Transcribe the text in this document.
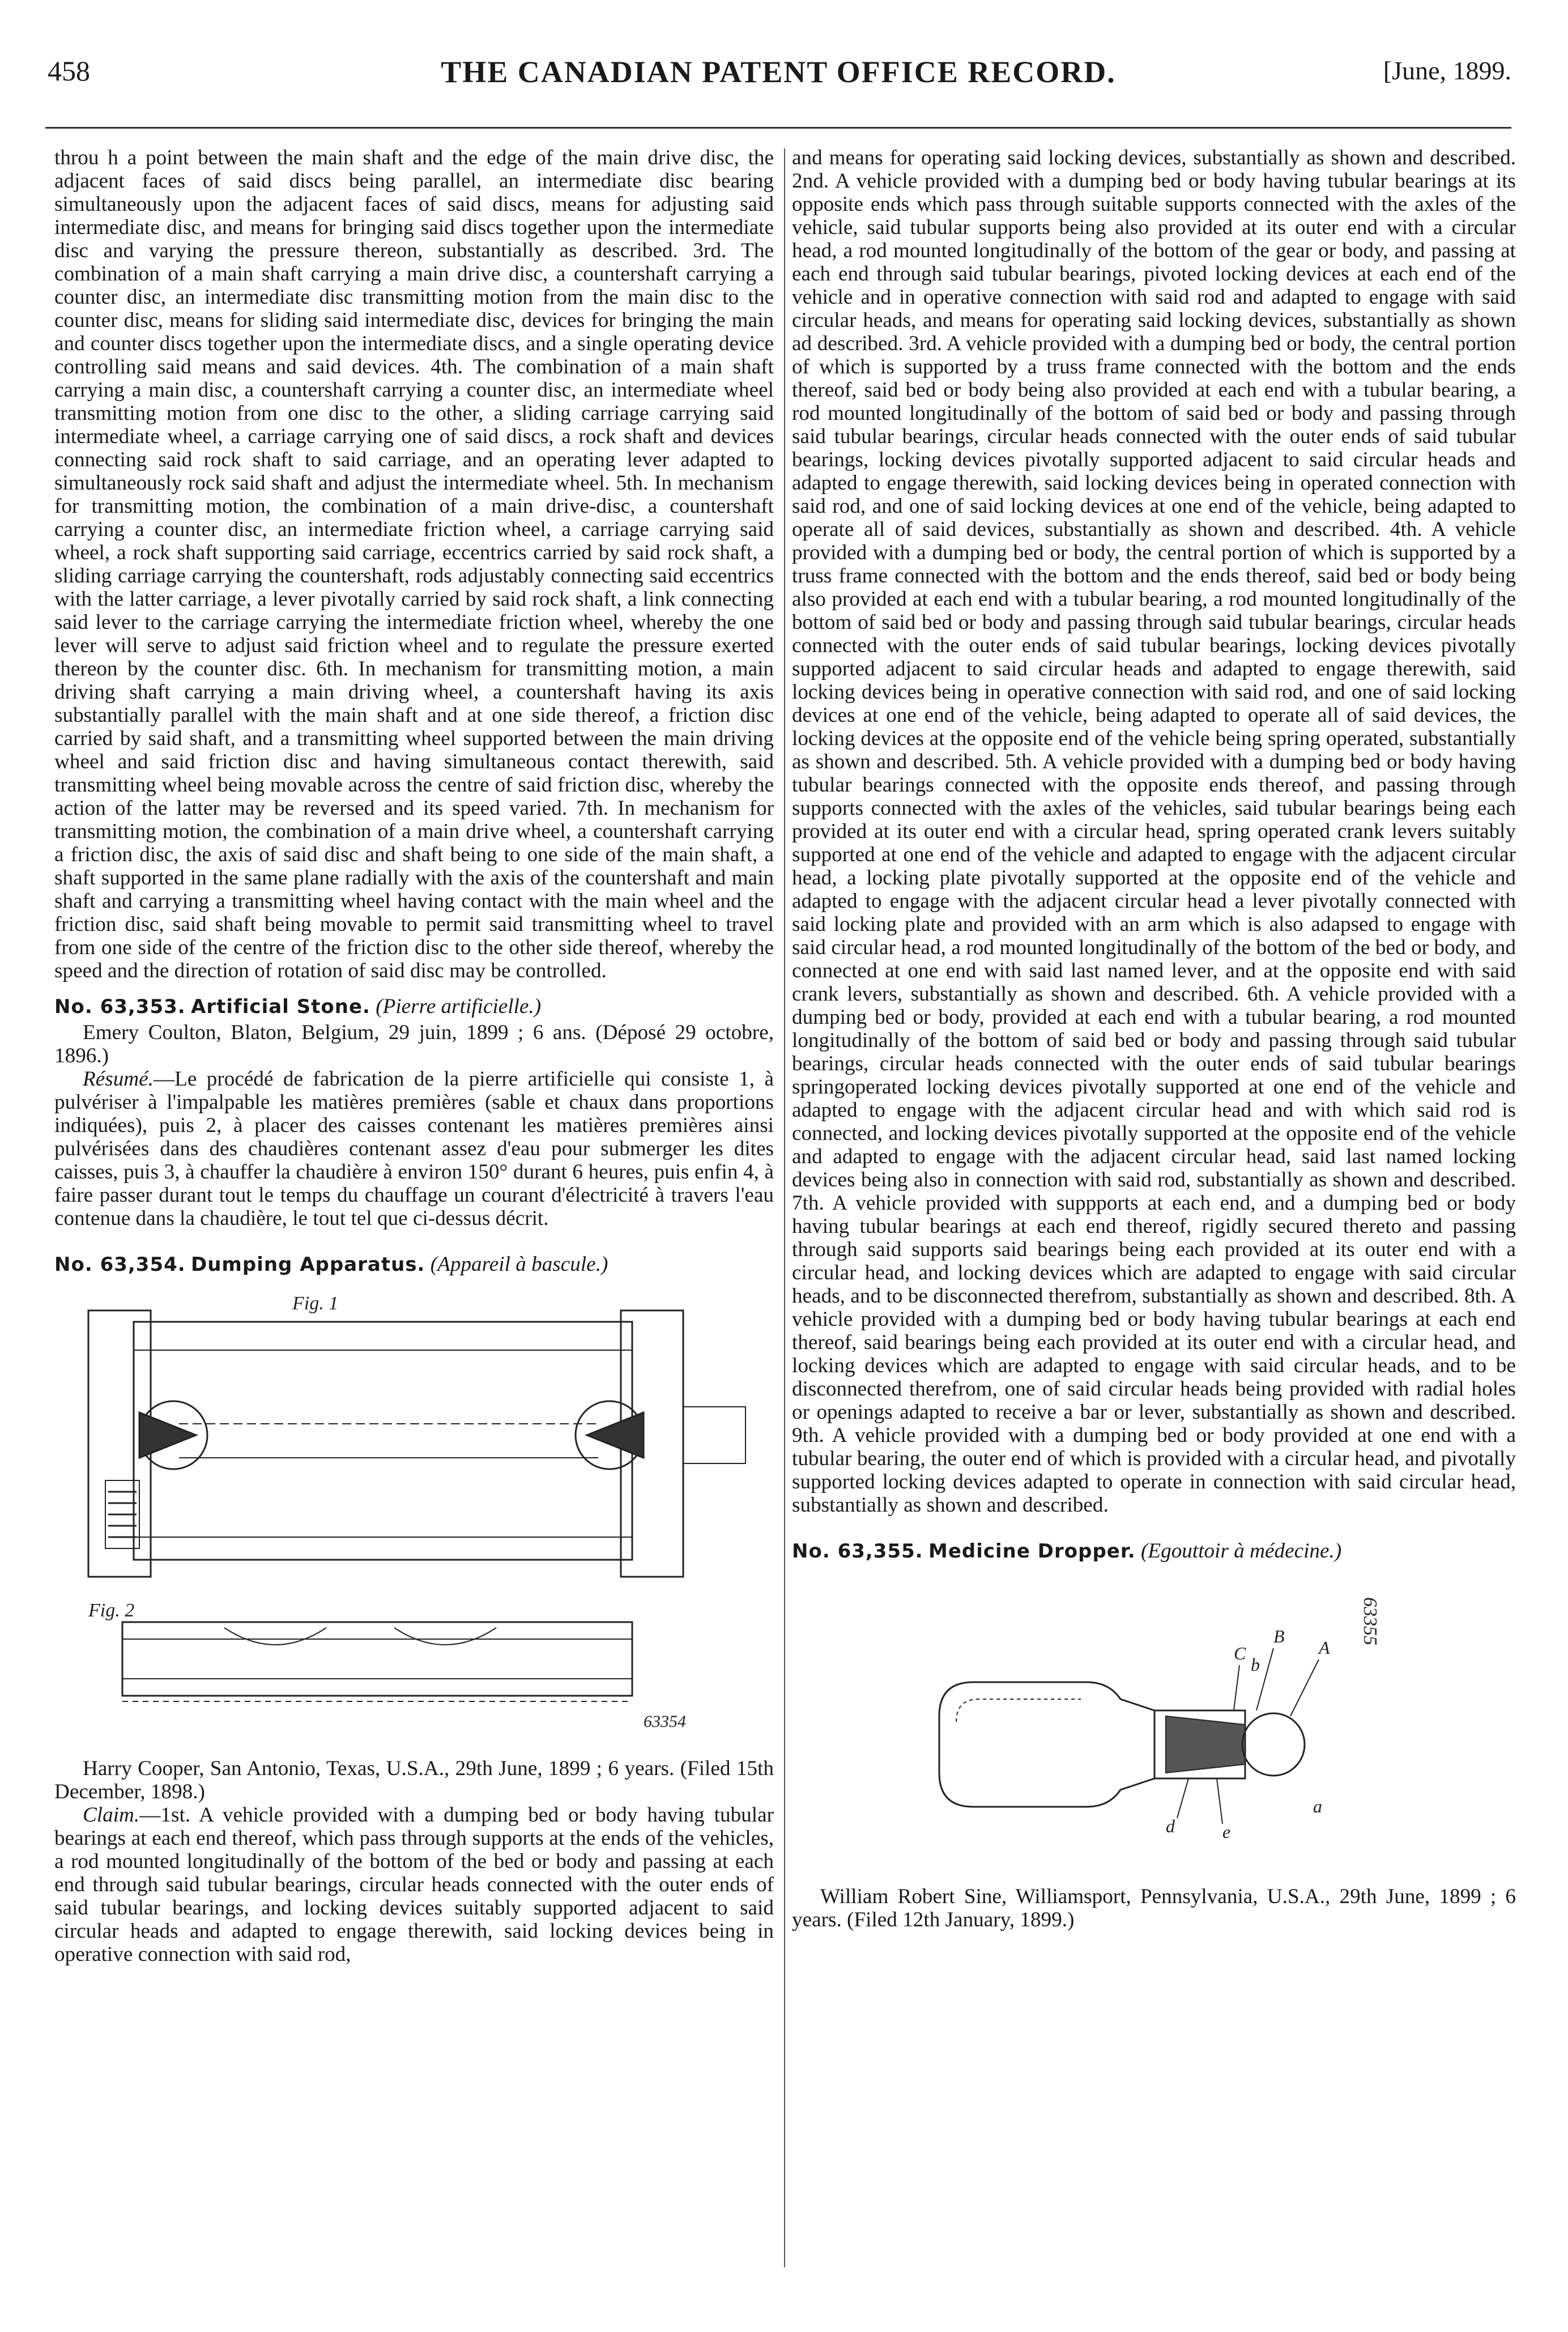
458	THE CANADIAN PATENT OFFICE RECORD.	[June, 1899.

throu h a point between the main shaft and the edge of the main drive disc, the adjacent faces of said discs being parallel, an intermediate disc bearing simultaneously upon the adjacent faces of said discs, means for adjusting said intermediate disc, and means for bringing said discs together upon the intermediate disc and varying the pressure thereon, substantially as described. 3rd. The combination of a main shaft carrying a main drive disc, a countershaft carrying a counter disc, an intermediate disc transmitting motion from the main disc to the counter disc, means for sliding said intermediate disc, devices for bringing the main and counter discs together upon the intermediate discs, and a single operating device controlling said means and said devices. 4th. The combination of a main shaft carrying a main disc, a countershaft carrying a counter disc, an intermediate wheel transmitting motion from one disc to the other, a sliding carriage carrying said intermediate wheel, a carriage carrying one of said discs, a rock shaft and devices connecting said rock shaft to said carriage, and an operating lever adapted to simultaneously rock said shaft and adjust the intermediate wheel. 5th. In mechanism for transmitting motion, the combination of a main drive-disc, a countershaft carrying a counter disc, an intermediate friction wheel, a carriage carrying said wheel, a rock shaft supporting said carriage, eccentrics carried by said rock shaft, a sliding carriage carrying the countershaft, rods adjustably connecting said eccentrics with the latter carriage, a lever pivotally carried by said rock shaft, a link connecting said lever to the carriage carrying the intermediate friction wheel, whereby the one lever will serve to adjust said friction wheel and to regulate the pressure exerted thereon by the counter disc. 6th. In mechanism for transmitting motion, a main driving shaft carrying a main driving wheel, a countershaft having its axis substantially parallel with the main shaft and at one side thereof, a friction disc carried by said shaft, and a transmitting wheel supported between the main driving wheel and said friction disc and having simultaneous contact therewith, said transmitting wheel being movable across the centre of said friction disc, whereby the action of the latter may be reversed and its speed varied. 7th. In mechanism for transmitting motion, the combination of a main drive wheel, a countershaft carrying a friction disc, the axis of said disc and shaft being to one side of the main shaft, a shaft supported in the same plane radially with the axis of the countershaft and main shaft and carrying a transmitting wheel having contact with the main wheel and the friction disc, said shaft being movable to permit said transmitting wheel to travel from one side of the centre of the friction disc to the other side thereof, whereby the speed and the direction of rotation of said disc may be controlled.

No. 63,353. Artificial Stone. (Pierre artificielle.)

Emery Coulton, Blaton, Belgium, 29 juin, 1899 ; 6 ans. (Déposé 29 octobre, 1896.)

Résumé.—Le procédé de fabrication de la pierre artificielle qui consiste 1, à pulvériser à l'impalpable les matières premières (sable et chaux dans proportions indiquées), puis 2, à placer des caisses contenant les matières premières ainsi pulvérisées dans des chaudières contenant assez d'eau pour submerger les dites caisses, puis 3, à chauffer la chaudière à environ 150° durant 6 heures, puis enfin 4, à faire passer durant tout le temps du chauffage un courant d'électricité à travers l'eau contenue dans la chaudière, le tout tel que ci-dessus décrit.

No. 63,354. Dumping Apparatus. (Appareil à bascule.)

Fig. 1
Fig. 2
63354

Harry Cooper, San Antonio, Texas, U.S.A., 29th June, 1899 ; 6 years. (Filed 15th December, 1898.)

Claim.—1st. A vehicle provided with a dumping bed or body having tubular bearings at each end thereof, which pass through supports at the ends of the vehicles, a rod mounted longitudinally of the bottom of the bed or body and passing at each end through said tubular bearings, circular heads connected with the outer ends of said tubular bearings, and locking devices suitably supported adjacent to said circular heads and adapted to engage therewith, said locking devices being in operative connection with said rod,

and means for operating said locking devices, substantially as shown and described. 2nd. A vehicle provided with a dumping bed or body having tubular bearings at its opposite ends which pass through suitable supports connected with the axles of the vehicle, said tubular supports being also provided at its outer end with a circular head, a rod mounted longitudinally of the bottom of the gear or body, and passing at each end through said tubular bearings, pivoted locking devices at each end of the vehicle and in operative connection with said rod and adapted to engage with said circular heads, and means for operating said locking devices, substantially as shown ad described. 3rd. A vehicle provided with a dumping bed or body, the central portion of which is supported by a truss frame connected with the bottom and the ends thereof, said bed or body being also provided at each end with a tubular bearing, a rod mounted longitudinally of the bottom of said bed or body and passing through said tubular bearings, circular heads connected with the outer ends of said tubular bearings, locking devices pivotally supported adjacent to said circular heads and adapted to engage therewith, said locking devices being in operated connection with said rod, and one of said locking devices at one end of the vehicle, being adapted to operate all of said devices, substantially as shown and described. 4th. A vehicle provided with a dumping bed or body, the central portion of which is supported by a truss frame connected with the bottom and the ends thereof, said bed or body being also provided at each end with a tubular bearing, a rod mounted longitudinally of the bottom of said bed or body and passing through said tubular bearings, circular heads connected with the outer ends of said tubular bearings, locking devices pivotally supported adjacent to said circular heads and adapted to engage therewith, said locking devices being in operative connection with said rod, and one of said locking devices at one end of the vehicle, being adapted to operate all of said devices, the locking devices at the opposite end of the vehicle being spring operated, substantially as shown and described. 5th. A vehicle provided with a dumping bed or body having tubular bearings connected with the opposite ends thereof, and passing through supports connected with the axles of the vehicles, said tubular bearings being each provided at its outer end with a circular head, spring operated crank levers suitably supported at one end of the vehicle and adapted to engage with the adjacent circular head, a locking plate pivotally supported at the opposite end of the vehicle and adapted to engage with the adjacent circular head a lever pivotally connected with said locking plate and provided with an arm which is also adapsed to engage with said circular head, a rod mounted longitudinally of the bottom of the bed or body, and connected at one end with said last named lever, and at the opposite end with said crank levers, substantially as shown and described. 6th. A vehicle provided with a dumping bed or body, provided at each end with a tubular bearing, a rod mounted longitudinally of the bottom of said bed or body and passing through said tubular bearings, circular heads connected with the outer ends of said tubular bearings springoperated locking devices pivotally supported at one end of the vehicle and adapted to engage with the adjacent circular head and with which said rod is connected, and locking devices pivotally supported at the opposite end of the vehicle and adapted to engage with the adjacent circular head, said last named locking devices being also in connection with said rod, substantially as shown and described. 7th. A vehicle provided with suppports at each end, and a dumping bed or body having tubular bearings at each end thereof, rigidly secured thereto and passing through said supports said bearings being each provided at its outer end with a circular head, and locking devices which are adapted to engage with said circular heads, and to be disconnected therefrom, substantially as shown and described. 8th. A vehicle provided with a dumping bed or body having tubular bearings at each end thereof, said bearings being each provided at its outer end with a circular head, and locking devices which are adapted to engage with said circular heads, and to be disconnected therefrom, one of said circular heads being provided with radial holes or openings adapted to receive a bar or lever, substantially as shown and described. 9th. A vehicle provided with a dumping bed or body provided at one end with a tubular bearing, the outer end of which is provided with a circular head, and pivotally supported locking devices adapted to operate in connection with said circular head, substantially as shown and described.

No. 63,355. Medicine Dropper. (Egouttoir à médecine.)

63355
A
B
C
b
a
d	e

William Robert Sine, Williamsport, Pennsylvania, U.S.A., 29th June, 1899 ; 6 years. (Filed 12th January, 1899.)
